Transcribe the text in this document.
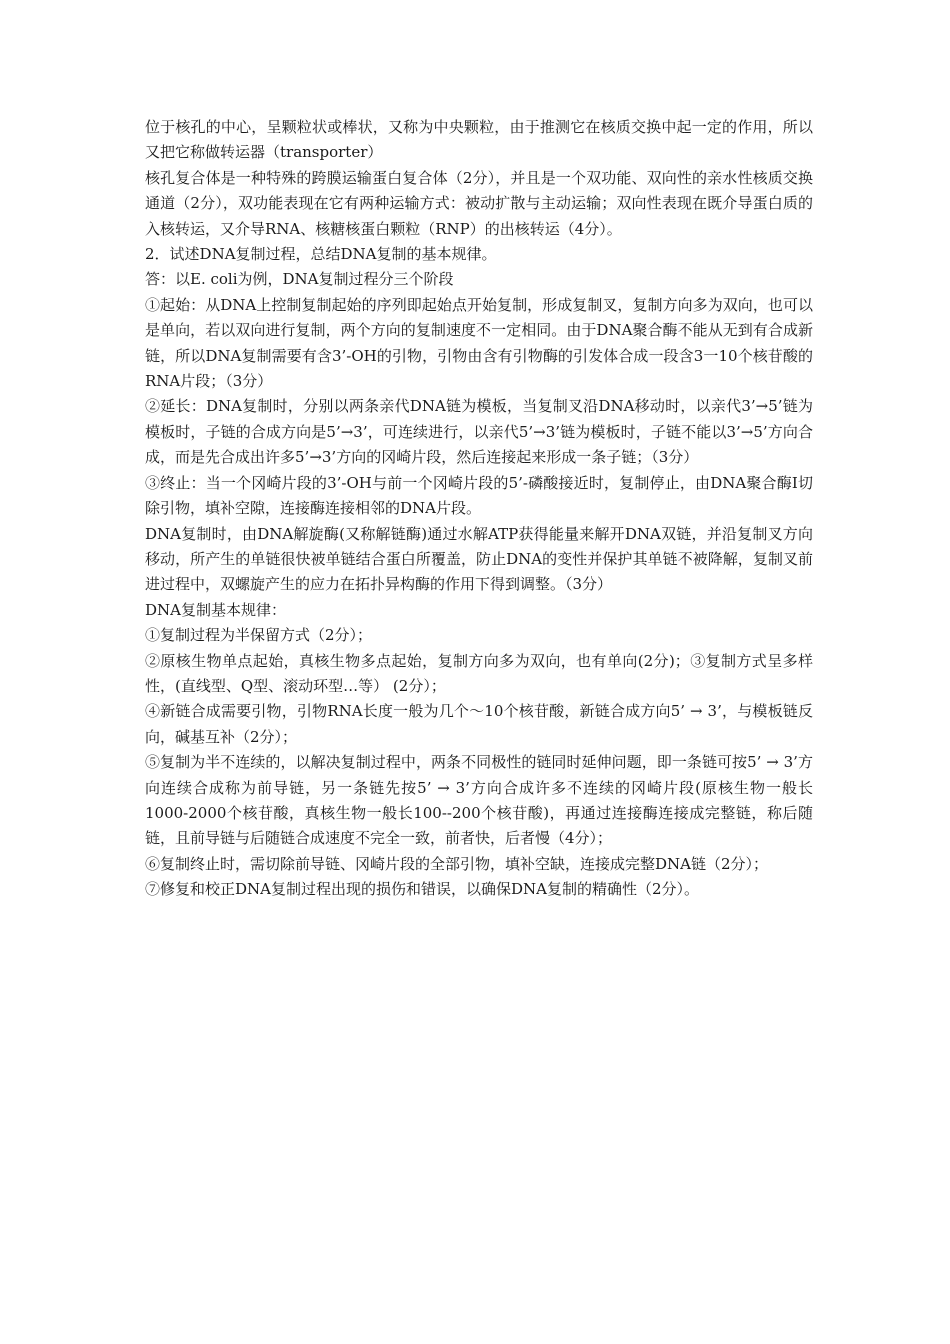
位于核孔的中心，呈颗粒状或棒状，又称为中央颗粒，由于推测它在核质交换中起一定的作用，所以又把它称做转运器（transporter）

核孔复合体是一种特殊的跨膜运输蛋白复合体（2分），并且是一个双功能、双向性的亲水性核质交换通道（2分），双功能表现在它有两种运输方式：被动扩散与主动运输；双向性表现在既介导蛋白质的入核转运，又介导RNA、核糖核蛋白颗粒（RNP）的出核转运（4分）。

2．试述DNA复制过程，总结DNA复制的基本规律。

答：以E. coli为例，DNA复制过程分三个阶段

①起始：从DNA上控制复制起始的序列即起始点开始复制，形成复制叉，复制方向多为双向，也可以是单向，若以双向进行复制，两个方向的复制速度不一定相同。由于DNA聚合酶不能从无到有合成新链，所以DNA复制需要有含3’-OH的引物，引物由含有引物酶的引发体合成一段含3一10个核苷酸的RNA片段；（3分）

②延长：DNA复制时，分别以两条亲代DNA链为模板，当复制叉沿DNA移动时，以亲代3’→5’链为模板时，子链的合成方向是5’→3’，可连续进行，以亲代5’→3’链为模板时，子链不能以3’→5’方向合成，而是先合成出许多5’→3’方向的冈崎片段，然后连接起来形成一条子链；（3分）

③终止：当一个冈崎片段的3’-OH与前一个冈崎片段的5’-磷酸接近时，复制停止，由DNA聚合酶Ⅰ切除引物，填补空隙，连接酶连接相邻的DNA片段。

DNA复制时，由DNA解旋酶(又称解链酶)通过水解ATP获得能量来解开DNA双链，并沿复制叉方向移动，所产生的单链很快被单链结合蛋白所覆盖，防止DNA的变性并保护其单链不被降解，复制叉前进过程中，双螺旋产生的应力在拓扑异构酶的作用下得到调整。（3分）

DNA复制基本规律：

①复制过程为半保留方式（2分）；

②原核生物单点起始，真核生物多点起始，复制方向多为双向，也有单向(2分)；③复制方式呈多样性，(直线型、Q型、滚动环型…等） (2分）；

④新链合成需要引物，引物RNA长度一般为几个～10个核苷酸，新链合成方向5’ → 3’，与模板链反向，碱基互补（2分）；

⑤复制为半不连续的，以解决复制过程中，两条不同极性的链同时延伸问题，即一条链可按5’ → 3’方向连续合成称为前导链，另一条链先按5’ → 3’方向合成许多不连续的冈崎片段(原核生物一般长1000-2000个核苷酸，真核生物一般长100--200个核苷酸)，再通过连接酶连接成完整链，称后随链，且前导链与后随链合成速度不完全一致，前者快，后者慢（4分）；

⑥复制终止时，需切除前导链、冈崎片段的全部引物，填补空缺，连接成完整DNA链（2分）；

⑦修复和校正DNA复制过程出现的损伤和错误，以确保DNA复制的精确性（2分）。
